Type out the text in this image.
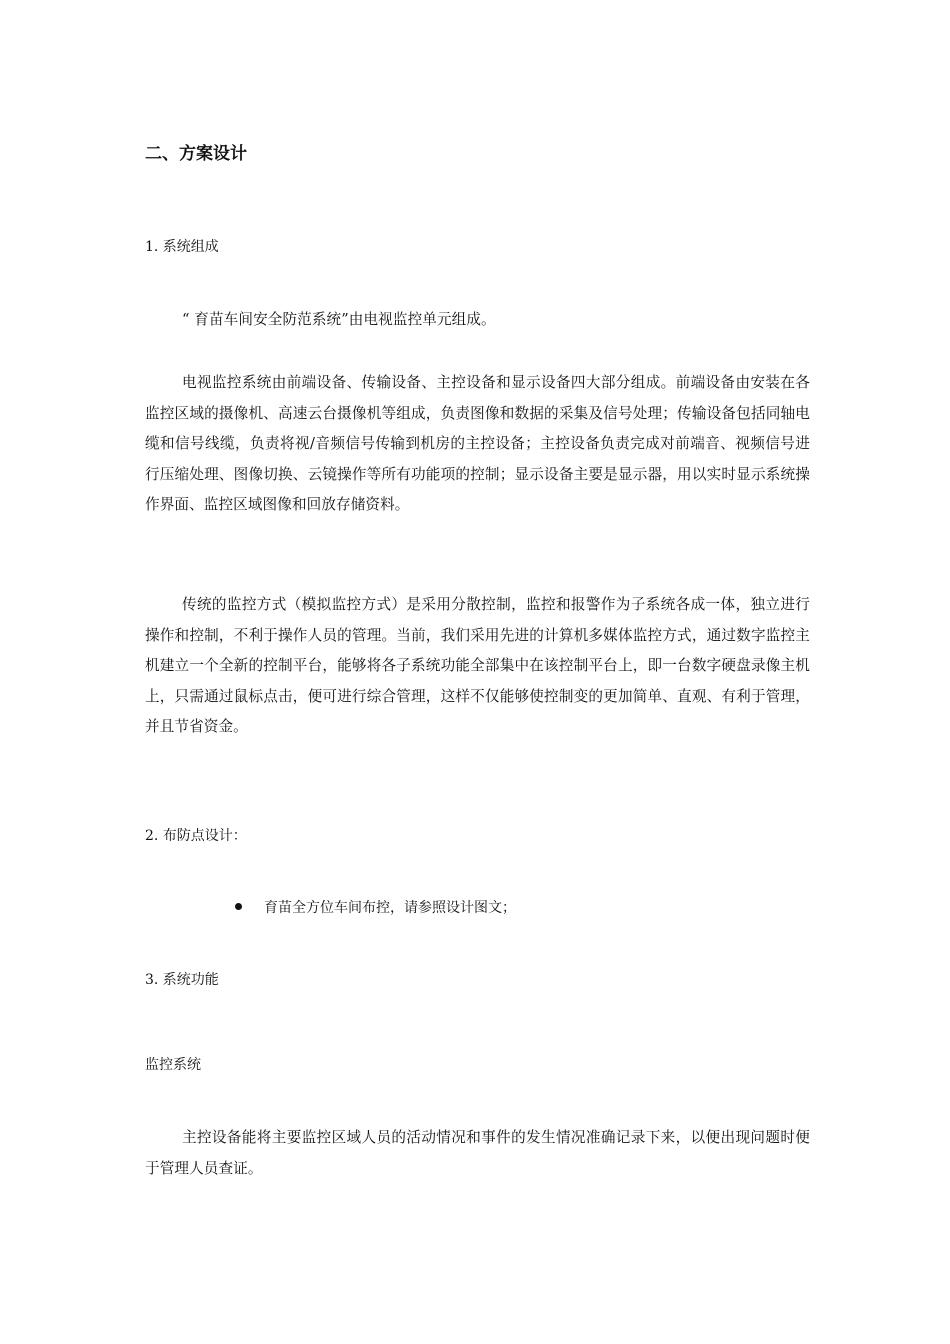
二、方案设计
1. 系统组成

“ 育苗车间安全防范系统”由电视监控单元组成。

电视监控系统由前端设备、传输设备、主控设备和显示设备四大部分组成。前端设备由安装在各监控区域的摄像机、高速云台摄像机等组成，负责图像和数据的采集及信号处理；传输设备包括同轴电缆和信号线缆，负责将视/音频信号传输到机房的主控设备；主控设备负责完成对前端音、视频信号进行压缩处理、图像切换、云镜操作等所有功能项的控制；显示设备主要是显示器，用以实时显示系统操作界面、监控区域图像和回放存储资料。

传统的监控方式（模拟监控方式）是采用分散控制，监控和报警作为子系统各成一体，独立进行操作和控制，不利于操作人员的管理。当前，我们采用先进的计算机多媒体监控方式，通过数字监控主机建立一个全新的控制平台，能够将各子系统功能全部集中在该控制平台上，即一台数字硬盘录像主机上，只需通过鼠标点击，便可进行综合管理，这样不仅能够使控制变的更加简单、直观、有利于管理，并且节省资金。

2. 布防点设计：
育苗全方位车间布控，请参照设计图文；
3. 系统功能
监控系统

主控设备能将主要监控区域人员的活动情况和事件的发生情况准确记录下来，以便出现问题时便于管理人员查证。
